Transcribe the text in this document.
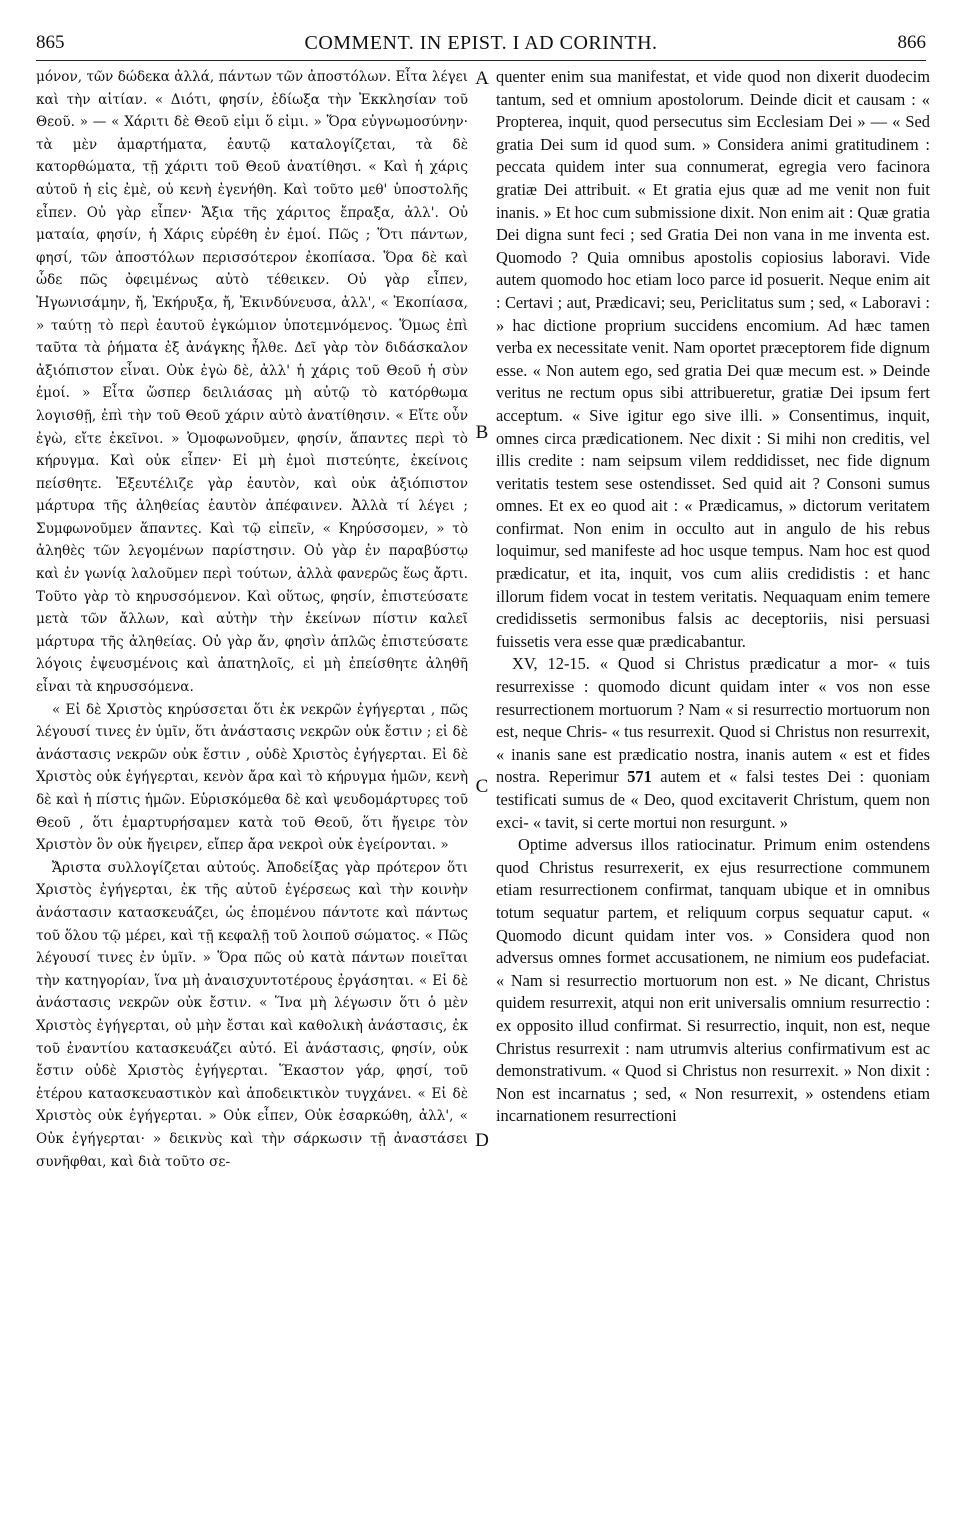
865	COMMENT. IN EPIST. I AD CORINTH.	866

μόνον, τῶν δώδεκα ἀλλά, πάντων τῶν ἀποστόλων. Εἶτα λέγει καὶ τὴν αἰτίαν. « Διότι, φησίν, ἐδίωξα τὴν Ἐκκλησίαν τοῦ Θεοῦ. » — « Χάριτι δὲ Θεοῦ εἰμι ὅ εἰμι. » Ὅρα εὐγνωμοσύνην· τὰ μὲν ἁμαρτήματα, ἑαυτῷ καταλογίζεται, τὰ δὲ κατορθώματα, τῇ χάριτι τοῦ Θεοῦ ἀνατίθησι. « Καὶ ἡ χάρις αὐτοῦ ἡ εἰς ἐμὲ, οὐ κενὴ ἐγενήθη. Καὶ τοῦτο μεθ' ὑποστολῆς εἶπεν. Οὐ γὰρ εἶπεν· Ἄξια τῆς χάριτος ἔπραξα, ἀλλ'. Οὐ ματαία, φησίν, ἡ Χάρις εὑρέθη ἐν ἐμοί. Πῶς ; Ὅτι πάντων, φησί, τῶν ἀποστόλων περισσότερον ἐκοπίασα. Ὅρα δὲ καὶ ὧδε πῶς ὀφειμένως αὐτὸ τέθεικεν. Οὐ γὰρ εἶπεν, Ἠγωνισάμην, ἤ, Ἐκήρυξα, ἤ, Ἐκινδύνευσα, ἀλλ', « Ἐκοπίασα, » ταύτῃ τὸ περὶ ἑαυτοῦ ἐγκώμιον ὑποτεμνόμενος. Ὅμως ἐπὶ ταῦτα τὰ ῥήματα ἐξ ἀνάγκης ἦλθε. Δεῖ γὰρ τὸν διδάσκαλον ἀξιόπιστον εἶναι. Οὐκ ἐγὼ δὲ, ἀλλ' ἡ χάρις τοῦ Θεοῦ ἡ σὺν ἐμοί. » Εἶτα ὥσπερ δειλιάσας μὴ αὐτῷ τὸ κατόρθωμα λογισθῇ, ἐπὶ τὴν τοῦ Θεοῦ χάριν αὐτὸ ἀνατίθησιν. « Εἴτε οὖν ἐγὼ, εἴτε ἐκεῖνοι. » Ὁμοφωνοῦμεν, φησίν, ἅπαντες περὶ τὸ κήρυγμα. Καὶ οὐκ εἶπεν· Εἰ μὴ ἐμοὶ πιστεύητε, ἐκείνοις πείσθητε. Ἐξευτέλιζε γὰρ ἑαυτὸν, καὶ οὐκ ἀξιόπιστον μάρτυρα τῆς ἀληθείας ἑαυτὸν ἀπέφαινεν. Ἀλλὰ τί λέγει ; Συμφωνοῦμεν ἅπαντες. Καὶ τῷ εἰπεῖν, « Κηρύσσομεν, » τὸ ἀληθὲς τῶν λεγομένων παρίστησιν. Οὐ γὰρ ἐν παραβύστῳ καὶ ἐν γωνίᾳ λαλοῦμεν περὶ τούτων, ἀλλὰ φανερῶς ἕως ἄρτι. Τοῦτο γὰρ τὸ κηρυσσόμενον. Καὶ οὕτως, φησίν, ἐπιστεύσατε μετὰ τῶν ἄλλων, καὶ αὐτὴν τὴν ἐκείνων πίστιν καλεῖ μάρτυρα τῆς ἀληθείας. Οὐ γὰρ ἄν, φησὶν ἁπλῶς ἐπιστεύσατε λόγοις ἐψευσμένοις καὶ ἀπατηλοῖς, εἰ μὴ ἐπείσθητε ἀληθῆ εἶναι τὰ κηρυσσόμενα.

« Εἰ δὲ Χριστὸς κηρύσσεται ὅτι ἐκ νεκρῶν ἐγήγερται , πῶς λέγουσί τινες ἐν ὑμῖν, ὅτι ἀνάστασις νεκρῶν οὐκ ἔστιν ; εἰ δὲ ἀνάστασις νεκρῶν οὐκ ἔστιν , οὐδὲ Χριστὸς ἐγήγερται. Εἰ δὲ Χριστὸς οὐκ ἐγήγερται, κενὸν ἄρα καὶ τὸ κήρυγμα ἡμῶν, κενὴ δὲ καὶ ἡ πίστις ἡμῶν. Εὑρισκόμεθα δὲ καὶ ψευδομάρτυρες τοῦ Θεοῦ , ὅτι ἐμαρτυρήσαμεν κατὰ τοῦ Θεοῦ, ὅτι ἤγειρε τὸν Χριστὸν ὃν οὐκ ἤγειρεν, εἴπερ ἄρα νεκροὶ οὐκ ἐγείρονται. »

Ἄριστα συλλογίζεται αὐτούς. Ἀποδείξας γὰρ πρότερον ὅτι Χριστὸς ἐγήγερται, ἐκ τῆς αὐτοῦ ἐγέρσεως καὶ τὴν κοινὴν ἀνάστασιν κατασκευάζει, ὡς ἑπομένου πάντοτε καὶ πάντως τοῦ ὅλου τῷ μέρει, καὶ τῇ κεφαλῇ τοῦ λοιποῦ σώματος. « Πῶς λέγουσί τινες ἐν ὑμῖν. » Ὅρα πῶς οὐ κατὰ πάντων ποιεῖται τὴν κατηγορίαν, ἵνα μὴ ἀναισχυντοτέρους ἐργάσηται. « Εἰ δὲ ἀνάστασις νεκρῶν οὐκ ἔστιν. « Ἵνα μὴ λέγωσιν ὅτι ὁ μὲν Χριστὸς ἐγήγερται, οὐ μὴν ἔσται καὶ καθολικὴ ἀνάστασις, ἐκ τοῦ ἐναντίου κατασκευάζει αὐτό. Εἰ ἀνάστασις, φησίν, οὐκ ἔστιν οὐδὲ Χριστὸς ἐγήγερται. Ἕκαστον γάρ, φησί, τοῦ ἑτέρου κατασκευαστικὸν καὶ ἀποδεικτικὸν τυγχάνει. « Εἰ δὲ Χριστὸς οὐκ ἐγήγερται. » Οὐκ εἶπεν, Οὐκ ἐσαρκώθη, ἀλλ', « Οὐκ ἐγήγερται· » δεικνὺς καὶ τὴν σάρκωσιν τῇ ἀναστάσει συνῆφθαι, καὶ διὰ τοῦτο σε-

A
B
C
D

quenter enim sua manifestat, et vide quod non dixerit duodecim tantum, sed et omnium apostolorum. Deinde dicit et causam : « Propterea, inquit, quod persecutus sim Ecclesiam Dei » — « Sed gratia Dei sum id quod sum. » Considera animi gratitudinem : peccata quidem inter sua connumerat, egregia vero facinora gratiæ Dei attribuit. « Et gratia ejus quæ ad me venit non fuit inanis. » Et hoc cum submissione dixit. Non enim ait : Quæ gratia Dei digna sunt feci ; sed Gratia Dei non vana in me inventa est. Quomodo ? Quia omnibus apostolis copiosius laboravi. Vide autem quomodo hoc etiam loco parce id posuerit. Neque enim ait : Certavi ; aut, Prædicavi; seu, Periclitatus sum ; sed, « Laboravi : » hac dictione proprium succidens encomium. Ad hæc tamen verba ex necessitate venit. Nam oportet præceptorem fide dignum esse. « Non autem ego, sed gratia Dei quæ mecum est. » Deinde veritus ne rectum opus sibi attribueretur, gratiæ Dei ipsum fert acceptum. « Sive igitur ego sive illi. » Consentimus, inquit, omnes circa prædicationem. Nec dixit : Si mihi non creditis, vel illis credite : nam seipsum vilem reddidisset, nec fide dignum veritatis testem sese ostendisset. Sed quid ait ? Consoni sumus omnes. Et ex eo quod ait : « Prædicamus, » dictorum veritatem confirmat. Non enim in occulto aut in angulo de his rebus loquimur, sed manifeste ad hoc usque tempus. Nam hoc est quod prædicatur, et ita, inquit, vos cum aliis credidistis : et hanc illorum fidem vocat in testem veritatis. Nequaquam enim temere credidissetis sermonibus falsis ac deceptoriis, nisi persuasi fuissetis vera esse quæ prædicabantur.

XV, 12-15. « Quod si Christus prædicatur a mor- « tuis resurrexisse : quomodo dicunt quidam inter « vos non esse resurrectionem mortuorum ? Nam « si resurrectio mortuorum non est, neque Chris- « tus resurrexit. Quod si Christus non resurrexit, « inanis sane est prædicatio nostra, inanis autem « est et fides nostra. Reperimur 571 autem et « falsi testes Dei : quoniam testificati sumus de « Deo, quod excitaverit Christum, quem non exci- « tavit, si certe mortui non resurgunt. »

Optime adversus illos ratiocinatur. Primum enim ostendens quod Christus resurrexerit, ex ejus resurrectione communem etiam resurrectionem confirmat, tanquam ubique et in omnibus totum sequatur partem, et reliquum corpus sequatur caput. « Quomodo dicunt quidam inter vos. » Considera quod non adversus omnes formet accusationem, ne nimium eos pudefaciat. « Nam si resurrectio mortuorum non est. » Ne dicant, Christus quidem resurrexit, atqui non erit universalis omnium resurrectio : ex opposito illud confirmat. Si resurrectio, inquit, non est, neque Christus resurrexit : nam utrumvis alterius confirmativum est ac demonstrativum. « Quod si Christus non resurrexit. » Non dixit : Non est incarnatus ; sed, « Non resurrexit, » ostendens etiam incarnationem resurrectioni
